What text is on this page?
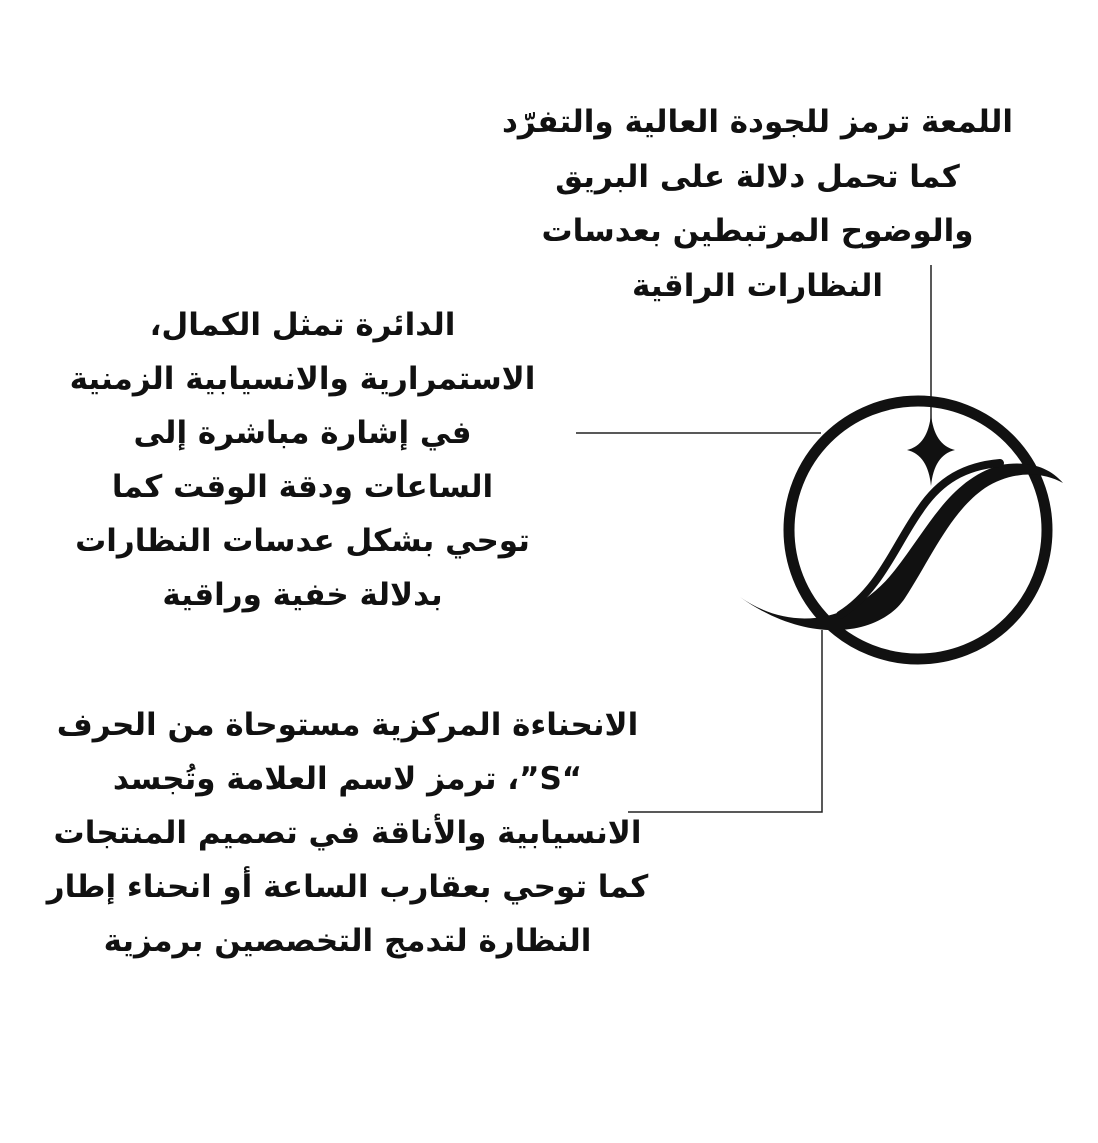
اللمعة ترمز للجودة العالية والتفرّد
كما تحمل دلالة على البريق
والوضوح المرتبطين بعدسات
النظارات الراقية
الدائرة تمثل الكمال،
الاستمرارية والانسيابية الزمنية
في إشارة مباشرة إلى
الساعات ودقة الوقت كما
توحي بشكل عدسات النظارات
بدلالة خفية وراقية
الانحناءة المركزية مستوحاة من الحرف
“S”، ترمز لاسم العلامة وتُجسد
الانسيابية والأناقة في تصميم المنتجات
كما توحي بعقارب الساعة أو انحناء إطار
النظارة لتدمج التخصصين برمزية
